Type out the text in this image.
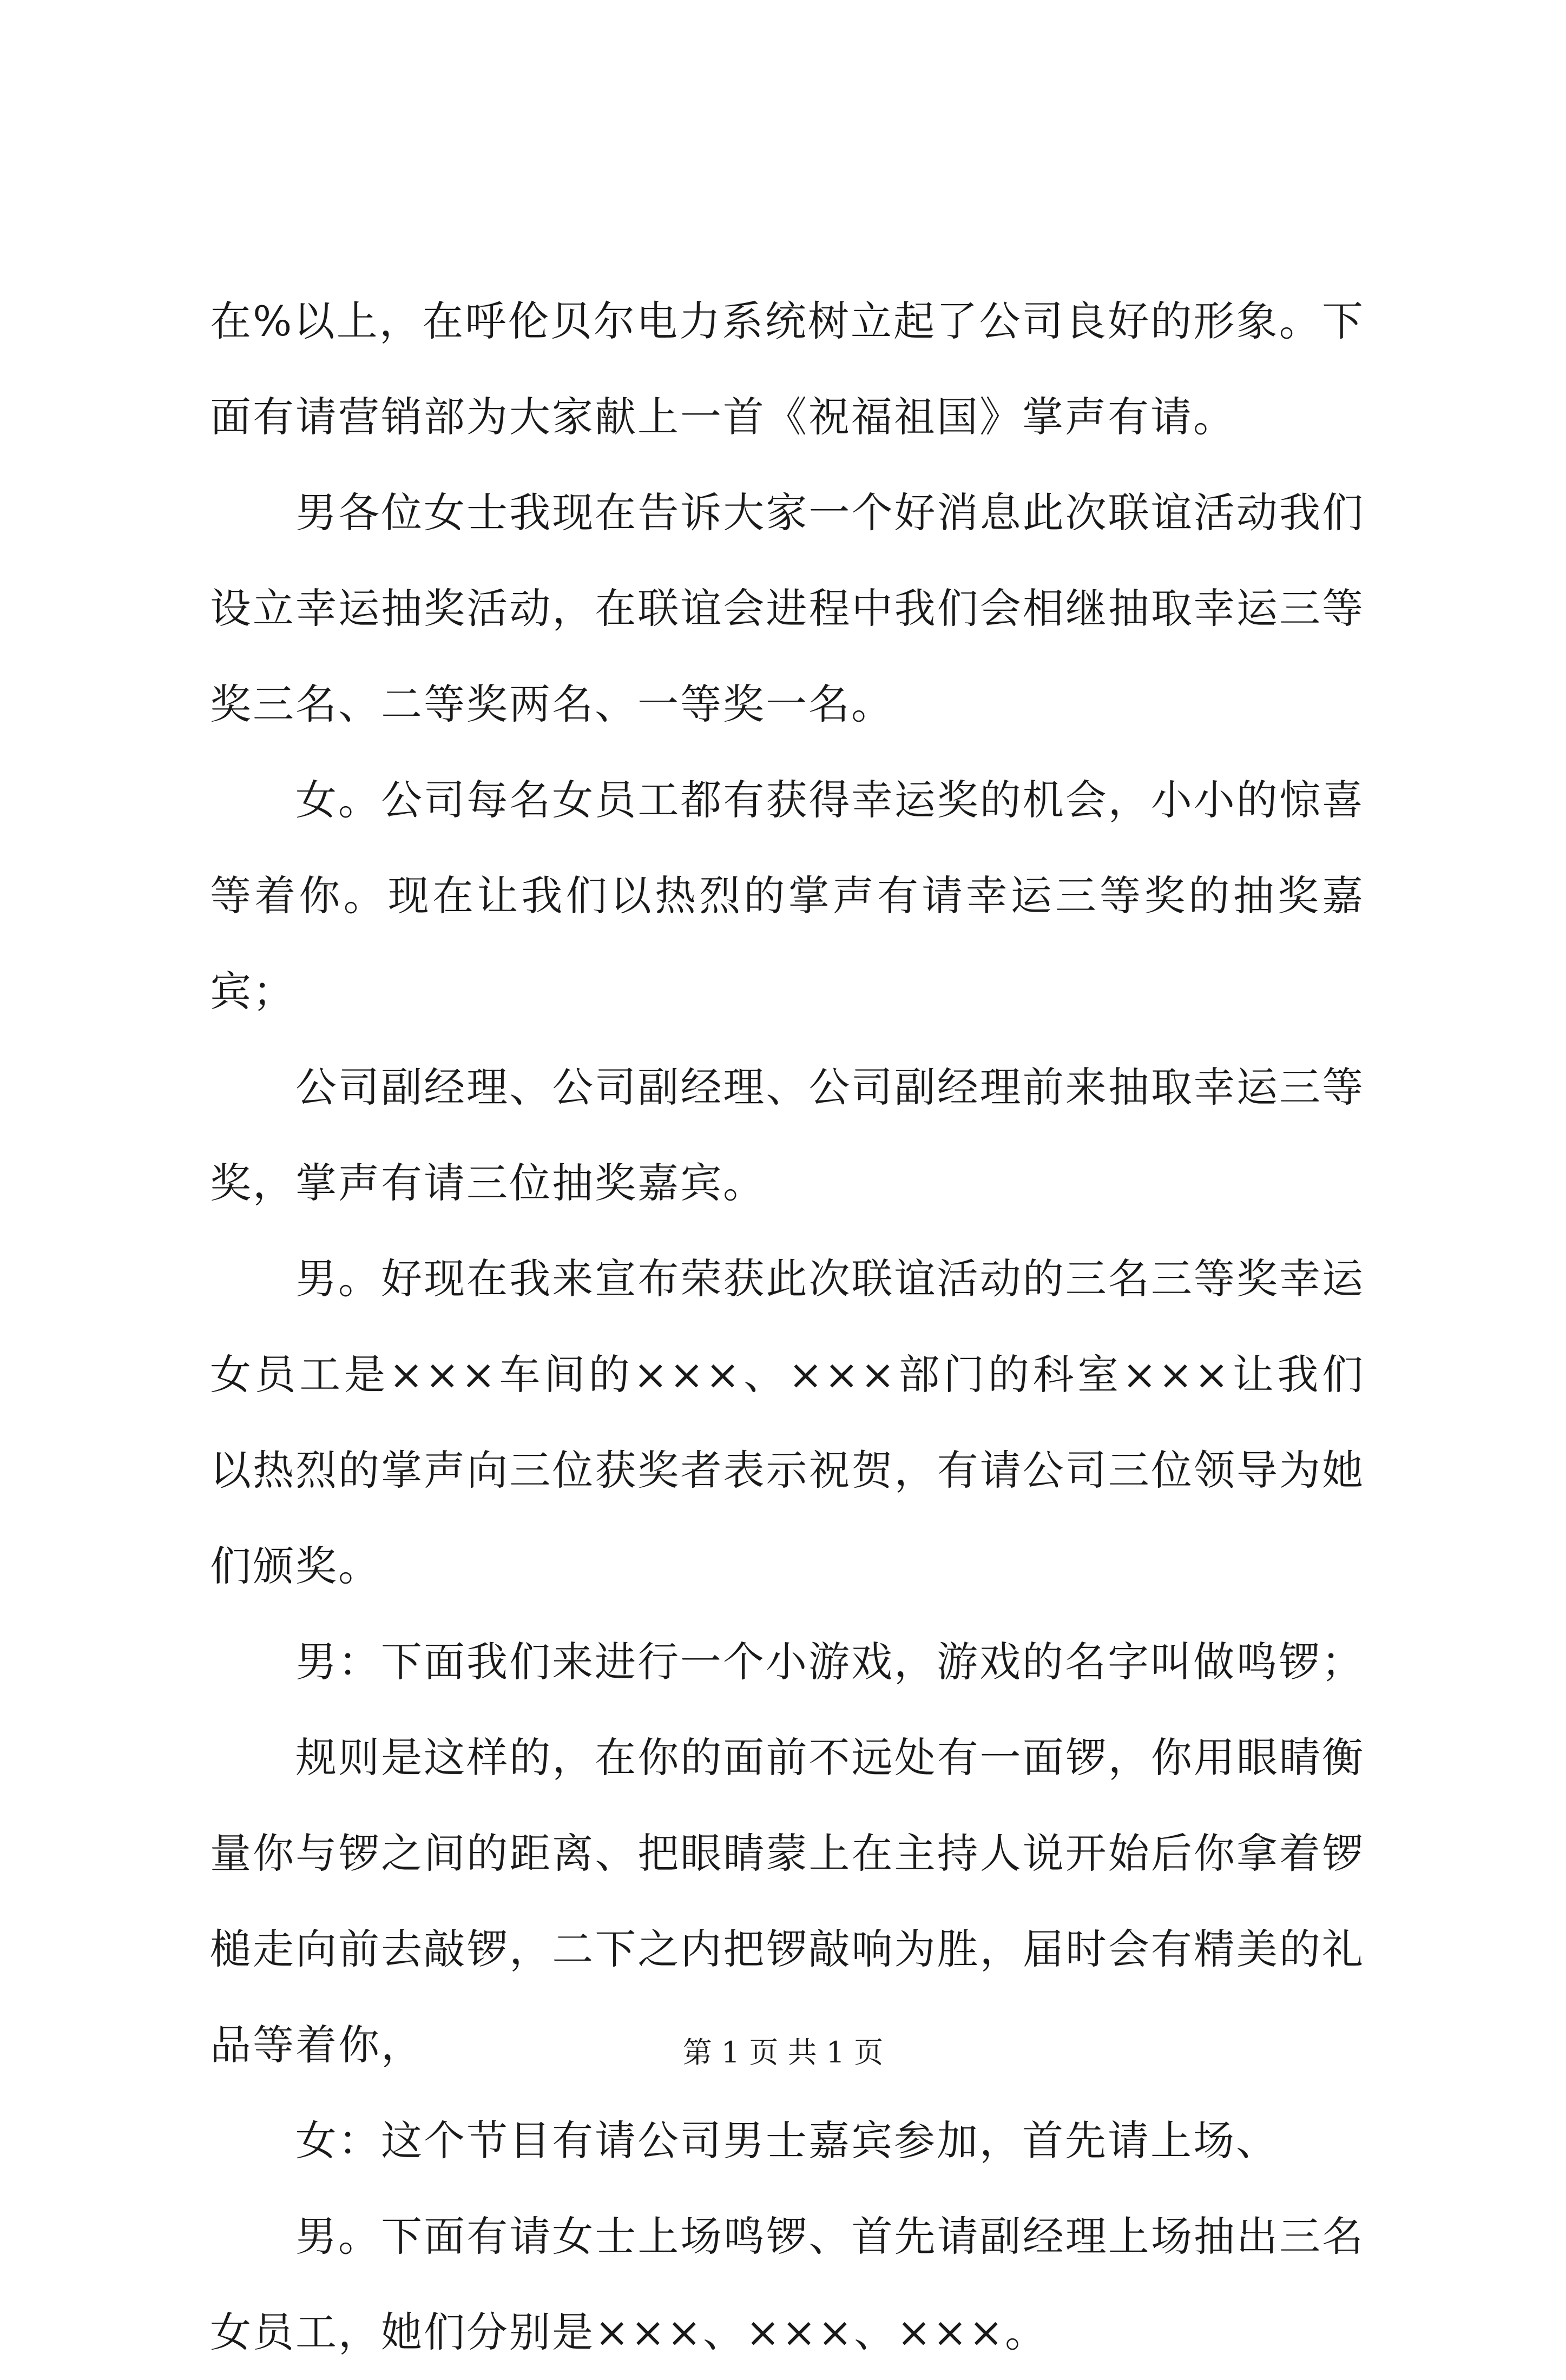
在%以上，在呼伦贝尔电力系统树立起了公司良好的形象。下面有请营销部为大家献上一首《祝福祖国》掌声有请。

男各位女士我现在告诉大家一个好消息此次联谊活动我们设立幸运抽奖活动，在联谊会进程中我们会相继抽取幸运三等奖三名、二等奖两名、一等奖一名。

女。公司每名女员工都有获得幸运奖的机会，小小的惊喜等着你。现在让我们以热烈的掌声有请幸运三等奖的抽奖嘉宾；

公司副经理、公司副经理、公司副经理前来抽取幸运三等奖，掌声有请三位抽奖嘉宾。

男。好现在我来宣布荣获此次联谊活动的三名三等奖幸运女员工是×××车间的×××、×××部门的科室×××让我们以热烈的掌声向三位获奖者表示祝贺，有请公司三位领导为她们颁奖。

男：下面我们来进行一个小游戏，游戏的名字叫做鸣锣；

规则是这样的，在你的面前不远处有一面锣，你用眼睛衡量你与锣之间的距离、把眼睛蒙上在主持人说开始后你拿着锣槌走向前去敲锣，二下之内把锣敲响为胜，届时会有精美的礼品等着你，

女：这个节目有请公司男士嘉宾参加，首先请上场、

男。下面有请女士上场鸣锣、首先请副经理上场抽出三名女员工，她们分别是×××、×××、×××。

第 1 页 共 1 页
